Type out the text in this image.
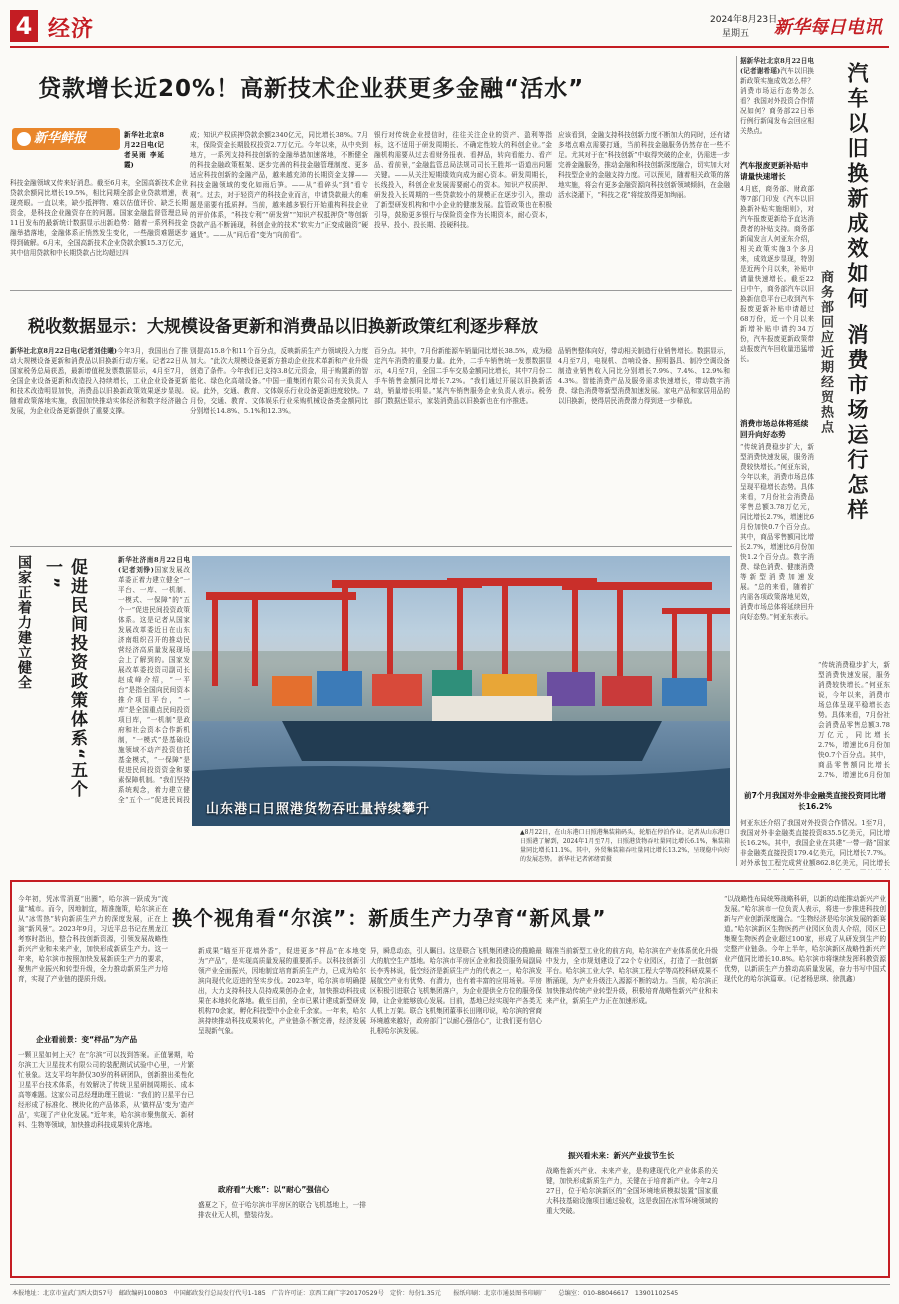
4 经济	2024年8月23日
星期五 新华每日电讯
贷款增长近20%！高新技术企业获更多金融“活水”
新华鲜报	新华社北京8月22日电(记者吴雨 李延霞)
科技金融领域又传来好消息。截至6月末，全国高新技术企业贷款余额同比增长19.5%，相比同期全部企业贷款增速，表现亮眼。一直以来，缺少抵押物、难以估值评价、缺乏长期资金，是科技企业融资存在的问题。国家金融监督管理总局11日发布的最新统计数据显示出新趋势：随着一系列科技金融举措落地，金融体系正悄然发生变化，一些融资难题逐步得到破解。6月末，全国高新技术企业贷款余额15.3万亿元，其中信用贷款和中长期贷款占比均超过四
成；知识产权质押贷款余额2340亿元，同比增长38%。7月末，保险资金长期股权投资2.7万亿元。今年以来，从中央到地方，一系列支持科技创新的金融举措加速落地，不断健全的科技金融政策框架、逐步完善的科技金融管理制度、更多适应科技创新的金融产品，越来越充沛的长期资金支撑——科技金融领域的变化如雨后笋。——从“看碎头”到“看专利”。过去，对于轻资产的科技企业而言，申请贷款最大的难题是需要有抵质押。当前，越来越多银行开始重构科技企业的评价体系，“科技专利”“研发营”“知识产权抵押贷”等创新贷款产品不断涌现，科创企业的技术“软实力”正变成融资“硬通货”。——从“问后看”变为“向前看”。
银行对传统企业授信时，往往关注企业的资产、盈利等指标，这不适用于研发周期长、不确定性较大的科创企业。”金融机构需要从过去看财务报表、看押品，转向看能力、看产品、看前景，”金融监管总局法规司司长王胜邦一语道出问题关键。——从关注短期绩效向成为耐心资本。研发周期长，长线投入，科创企业发展需要耐心的资本。知识产权质押、研发投入长周期的一些贷款较小的规模正在逐步引入，推动了新型研发机构和中小企业的健康发展。监管政策也在积极引导，鼓励更多银行与保险资金作为长期资本，耐心资本，投早、投小、投长期、投硬科技。
应该看到，金融支持科技创新力度不断加大的同时，还有诸多堵点难点需要打通，当前科技金融服务仍然存在一些不足。尤其对于在“科技创新”中取得突破的企业，仍需进一步完善金融服务，推动金融和科技创新深度融合，切实加大对科技型企业的金融支持力度。可以预见，随着相关政策的落地实施，将会有更多金融资源向科技创新领域倾斜，在金融活水浇灌下，“科技之花”将绽放得更加绚丽。
税收数据显示：大规模设备更新和消费品以旧换新政策红利逐步释放
新华社北京8月22日电(记者刘佳曦)今年3月，我国出台了推动大规模设备更新和消费品以旧换新行动方案。记者22日从国家税务总局获悉，最新增值税发票数据显示，4月至7月，全国企业设备更新和改造投入持续增长，工业企业设备更新和技术改造明显加快，消费品以旧换新政策效果逐步显现。随着政策落地实施，我国加快推动实体经济和数字经济融合发展，为企业设备更新提供了重要支撑。
别提高15.8个和11个百分点，反映新质生产力领域投入力度加大。“此次大规模设备更新方推动企业技术革新和产业升级创造了条件。今年我们已支持3.8亿元资金，用于购置新的智能化、绿色化高端设备。”中国一重集团有限公司有关负责人说。此外，交通、教育、文体娱乐行业设备更新进度较快。7月份，交通、教育、文体娱乐行业采购机械设备类金额同比分别增长14.8%、5.1%和12.3%。
百分点。其中，7月份新能源车销量同比增长38.5%，成为稳定汽车消费的重要力量。此外，二手车销售统一发票数据显示，4月至7月，全国二手车交易金额同比增长，其中7月份二手车销售金额同比增长7.2%。“我们通过开展以旧换新活动，销量增长明显。”某汽车销售服务企业负责人表示。税务部门数据还显示，家装消费品以旧换新也在有序推进。
品销售整体向好，带动相关制造行业销售增长。数据显示，4月至7月，电视机、音响设备、照明器具、制冷空调设备制造业销售收入同比分别增长7.9%、7.4%、12.9%和4.3%。智能消费产品及服务需求快速增长，带动数字消费、绿色消费等新型消费加速发展。家电产品和家居用品的以旧换新，使得居民消费潜力得到进一步释放。
促进民间投资政策体系“五个一”
国家正着力建立健全	新华社济南8月22日电(记者刘铮)国家发展改革委正着力建立健全“一平台、一库、一机制、一模式、一保障”的“五个一”促进民间投资政策体系。这是记者从国家发展改革委近日在山东济南组织召开的推动民营经济高质量发展现场会上了解到的。国家发展改革委投资司副司长赵成峰介绍，“一平台”是指全国向民间资本推介项目平台，“一库”是全国重点民间投资项目库，“一机制”是政府和社会资本合作新机制，“一模式”是基础设施领域不动产投资信托基金模式，“一保障”是促进民间投资资金和要素保障机制。“我们坚持系统观念，着力建立健全“五个一”促进民间投
山东港口日照港货物吞吐量持续攀升
▲8月22日，在山东港口日照港集装箱码头，轮船在停泊作业。记者从山东港口日照港了解到，2024年1月至7月，日照港货物吞吐量同比增长6.1%，集装箱量同比增长11.1%。其中，外贸集装箱吞吐量同比增长13.2%，呈现稳中向好的发展态势。 新华社记者郭绪雷摄
据新华社北京8月22日电(记者谢希瑶)汽车以旧换新政策实施成效怎么样？消费市场运行态势怎么看？我国对外投资合作情况如何？商务部22日举行例行新闻发布会回应相关热点。	汽车以旧换新成效如何 消费市场运行怎样
商务部回应近期经贸热点
汽车报废更新补贴申请量快速增长
4月底，商务部、财政部等7部门印发《汽车以旧换新补贴实施细则》，对汽车报废更新给予直达消费者的补贴支持。商务部新闻发言人何亚东介绍，相关政策实施3个多月来，成效逐步显现，特别是近两个月以来，补贴申请量快速增长。截至22日中午，商务部汽车以旧换新信息平台已收到汽车报废更新补贴申请超过68万份，近一个月以来新增补贴申请约34万份，汽车报废更新政策带动报废汽车回收量迅猛增长。
消费市场总体将延续回升向好态势
“传统消费稳步扩大，新型消费快速发展，服务消费较快增长。”何亚东说，今年以来，消费市场总体呈现平稳增长态势。具体来看，7月份社会消费品零售总额3.78万亿元，同比增长2.7%，增速比6月份加快0.7个百分点。其中，商品零售额同比增长2.7%，增速比6月份加快1.2个百分点。数字消费、绿色消费、健康消费等新型消费加速发展。“总的来看，随着扩内需各项政策落地见效，消费市场总体将延续回升向好态势。”何亚东表示。
“传统消费稳步扩大，新型消费快速发展，服务消费较快增长。”何亚东说，今年以来，消费市场总体呈现平稳增长态势。具体来看，7月份社会消费品零售总额3.78万亿元，同比增长2.7%，增速比6月份加快0.7个百分点。其中，商品零售额同比增长2.7%，增速比6月份加
前7个月我国对外非金融类直接投资同比增长16.2%
何亚东还介绍了我国对外投资合作情况。1至7月，我国对外非金融类直接投资835.5亿美元，同比增长16.2%。其中，我国企业在共建“一带一路”国家非金融类直接投资179.4亿美元，同比增长7.7%。对外承包工程完成营业额862.8亿美元，同比增长
换个视角看“尔滨”：新质生产力孕育“新风景”
今年初，凭冰雪消夏“出圈”，哈尔滨一跃成为“流量”城市。而今，因地制宜，精准施策，哈尔滨正在从“冰雪热”转向新质生产力的深度发展，正在上演“新风景”。2023年9月，习近平总书记在黑龙江考察时指出，整合科技创新资源，引领发展战略性新兴产业和未来产业，加快形成新质生产力。这一年来，哈尔滨市按照加快发展新质生产力的要求，聚焦产业振兴和转型升级，全力推动新质生产力培育，实现了产业链的提质升级。
企业看前景：变“样品”为产品
一颗卫星如何上天？在“尔滨”可以找到答案。正值暑期，哈尔滨工大卫星技术有限公司的装配测试试验中心里，一片繁忙景象。这支平均年龄仅30岁的科研团队，创新推出柔性化卫星平台技术体系，有效解决了传统卫星研制周期长、成本高等难题。这家公司总经理助理王胜说：“我们的卫星平台已经形成了标准化、模块化的产品体系，从‘做样品’变为‘造产品’，实现了产业化发展。”近年来，哈尔滨市聚焦航天、新材料、生物等领域，加快推动科技成果转化落地。
新成果“瞄至开花墙外香”，促进更多“样品”在本地变为“产品”，是实现高质量发展的重要抓手。以科技创新引领产业全面振兴，因地制宜培育新质生产力，已成为哈尔滨向现代化迈进的坚实步伐。2023年，哈尔滨市明确提出，大力支持科技人员持成果创办企业，加快推动科技成果在本地转化落地。截至目前，全市已累计建成新型研发机构70余家，孵化科技型中小企业千余家。一年来，哈尔滨持续推动科技成果转化，产业链条不断完善，经济发展呈现新气象。
政府看“大账”：以“耐心”强信心
盛夏之下，位于哈尔滨市平房区的联合飞机基地上，一排排农业无人机，整装待发。
异，瞬息动态，引人瞩目。这是联合飞机集团建设的揽瞻最大的航空生产基地。哈尔滨市平房区企业和投资服务局副局长李秀林说，低空经济是新质生产力的代表之一，哈尔滨发展航空产业有优势、有潜力，也有着丰富的应用场景。平房区积极引进联合飞机集团落户，为企业提供全方位的服务保障，让企业能够放心发展。目前，基地已经实现年产各类无人机上万架。联合飞机集团董事长田刚印说，哈尔滨的营商环境越来越好，政府部门“以耐心强信心”，让我们更有信心扎根哈尔滨发展。
瞄准当前新型工业化的前方向，哈尔滨在产业体系优化升级中发力，全市规划建设了22个专业园区，打造了一批创新平台。哈尔滨工业大学、哈尔滨工程大学等高校科研成果不断涌现，为产业升级注入源源不断的动力。当前，哈尔滨正加快推动传统产业转型升级，积极培育战略性新兴产业和未来产业，新质生产力正在加速形成。
振兴看未来：新兴产业拔节生长
战略性新兴产业、未来产业，是构建现代化产业体系的关键，加快形成新质生产力，关键在于培育新产业。今年2月27日，位于哈尔滨新区的“全国环境地质模拟装置”国家重大科技基础设施项目通过验收，这是我国在冰雪环境领域的重大突破。
“以战略性布局统筹战略科研，以新的动能推动新兴产业发展。”哈尔滨市一位负责人表示，将进一步推进科技创新与产业创新深度融合。“生物经济是哈尔滨发展的新赛道。”哈尔滨新区生物医药产业园区负责人介绍，园区已集聚生物医药企业超过100家，形成了从研发到生产的完整产业链条。今年上半年，哈尔滨新区战略性新兴产业产值同比增长10.8%。哈尔滨市将继续发挥科教资源优势，以新质生产力推动高质量发展，奋力书写中国式现代化的哈尔滨篇章。（记者杨思琪、徐凯鑫）
本报地址：北京市宣武门西大街57号　邮政编码100803　中国邮政发行总局发行代号1-185　广告许可证：京西工商广字20170529号　定价：每份1.35元　　报纸印刷：北京市通县图书印刷厂　　总编室：010-88046617　13901102545
